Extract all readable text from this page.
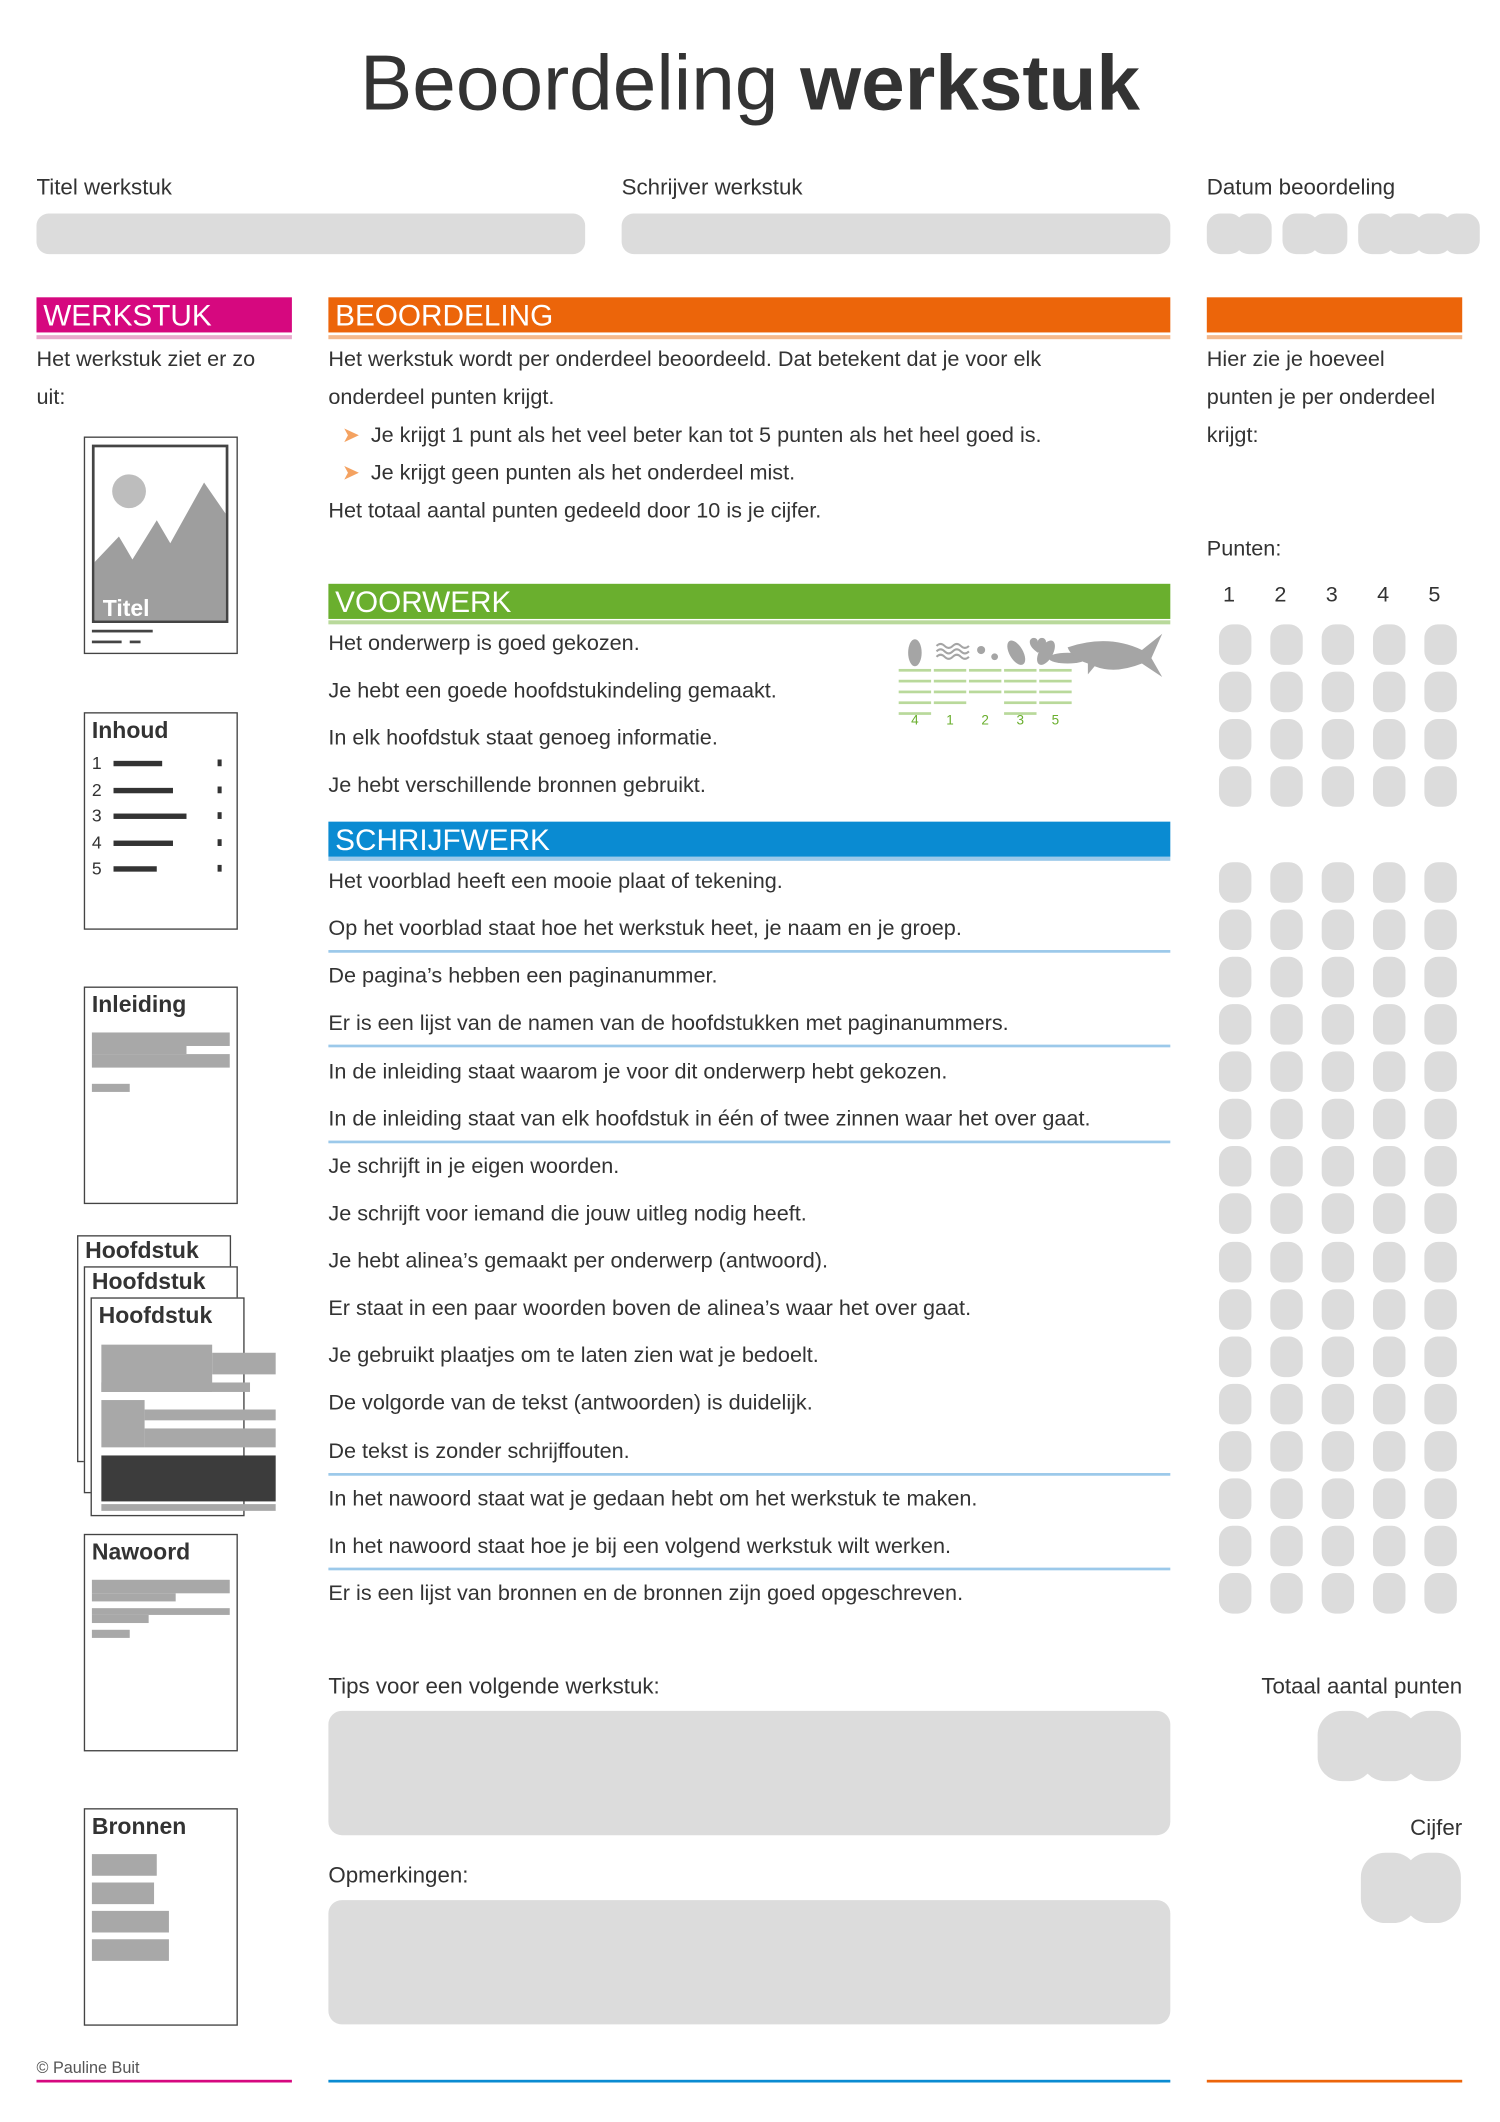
Beoordeling werkstuk
Titel werkstuk	Schrijver werkstuk	Datum beoordeling
WERKSTUK	BEOORDELING
Het werkstuk ziet er zo uit:
Het werkstuk wordt per onderdeel beoordeeld. Dat betekent dat je voor elk
onderdeel punten krijgt.
➤ Je krijgt 1 punt als het veel beter kan tot 5 punten als het heel goed is.
➤ Je krijgt geen punten als het onderdeel mist.
Het totaal aantal punten gedeeld door 10 is je cijfer.
Hier zie je hoeveel
punten je per onderdeel
krijgt:
Punten:
1 2 3 4 5
VOORWERK
Het onderwerp is goed gekozen.
Je hebt een goede hoofdstukindeling gemaakt.
In elk hoofdstuk staat genoeg informatie.
Je hebt verschillende bronnen gebruikt.
4	1	2	3	5
SCHRIJFWERK
Het voorblad heeft een mooie plaat of tekening.
Op het voorblad staat hoe het werkstuk heet, je naam en je groep.
De pagina’s hebben een paginanummer.
Er is een lijst van de namen van de hoofdstukken met paginanummers.
In de inleiding staat waarom je voor dit onderwerp hebt gekozen.
In de inleiding staat van elk hoofdstuk in één of twee zinnen waar het over gaat.
Je schrijft in je eigen woorden.
Je schrijft voor iemand die jouw uitleg nodig heeft.
Je hebt alinea’s gemaakt per onderwerp (antwoord).
Er staat in een paar woorden boven de alinea’s waar het over gaat.
Je gebruikt plaatjes om te laten zien wat je bedoelt.
De volgorde van de tekst (antwoorden) is duidelijk.
De tekst is zonder schrijffouten.
In het nawoord staat wat je gedaan hebt om het werkstuk te maken.
In het nawoord staat hoe je bij een volgend werkstuk wilt werken.
Er is een lijst van bronnen en de bronnen zijn goed opgeschreven.
Tips voor een volgende werkstuk:
Opmerkingen:
Totaal aantal punten
Cijfer
Titel
Inhoud
1
2
3
4
5
Inleiding
Hoofdstuk
Hoofdstuk
Hoofdstuk
Nawoord
Bronnen
© Pauline Buit
